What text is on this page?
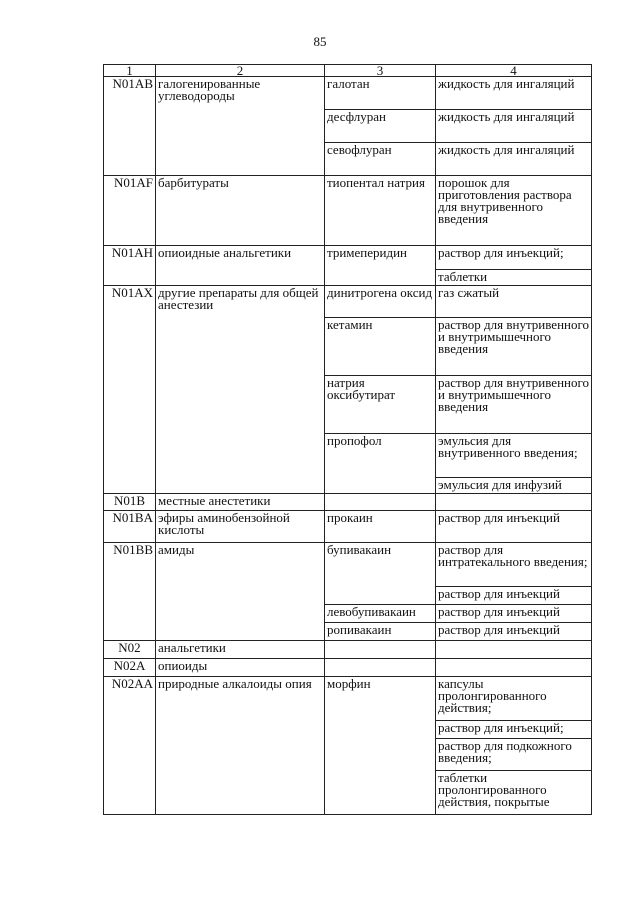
85
1	2	3	4
N01AB	галогенированные углеводороды	галотан	жидкость для ингаляций
		десфлуран	жидкость для ингаляций
		севофлуран	жидкость для ингаляций
N01AF	барбитураты	тиопентал натрия	порошок для приготовления раствора для внутривенного введения
N01AH	опиоидные анальгетики	тримеперидин	раствор для инъекций;
			таблетки
N01AX	другие препараты для общей анестезии	динитрогена оксид	газ сжатый
		кетамин	раствор для внутривенного и внутримышечного введения
		натрия оксибутират	раствор для внутривенного и внутримышечного введения
		пропофол	эмульсия для внутривенного введения;
			эмульсия для инфузий
N01B	местные анестетики		
N01BA	эфиры аминобензойной кислоты	прокаин	раствор для инъекций
N01BB	амиды	бупивакаин	раствор для интратекального введения;
			раствор для инъекций
		левобупивакаин	раствор для инъекций
		ропивакаин	раствор для инъекций
N02	анальгетики		
N02A	опиоиды		
N02AA	природные алкалоиды опия	морфин	капсулы пролонгированного действия;
			раствор для инъекций;
			раствор для подкожного введения;
			таблетки пролонгированного действия, покрытые
